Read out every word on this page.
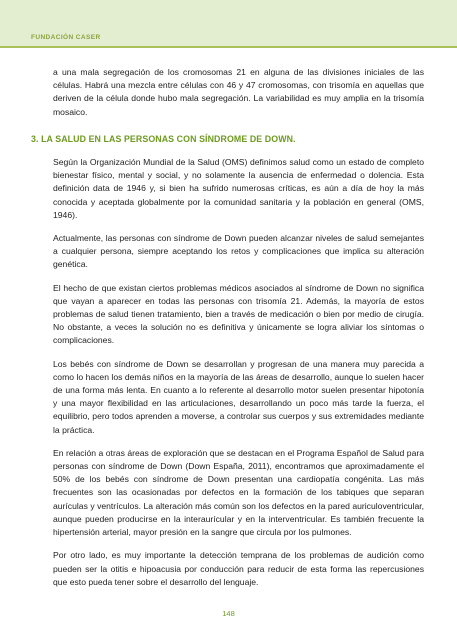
FUNDACIÓN CASER

a una mala segregación de los cromosomas 21 en alguna de las divisiones iniciales de las células. Habrá una mezcla entre células con 46 y 47 cromosomas, con trisomía en aquellas que deriven de la célula donde hubo mala segregación. La variabilidad es muy amplia en la trisomía mosaico.

3. LA SALUD EN LAS PERSONAS CON SÍNDROME DE DOWN.

Según la Organización Mundial de la Salud (OMS) definimos salud como un estado de completo bienestar físico, mental y social, y no solamente la ausencia de enfermedad o dolencia. Esta definición data de 1946 y, si bien ha sufrido numerosas críticas, es aún a día de hoy la más conocida y aceptada globalmente por la comunidad sanitaria y la población en general (OMS, 1946).

Actualmente, las personas con síndrome de Down pueden alcanzar niveles de salud semejantes a cualquier persona, siempre aceptando los retos y complicaciones que implica su alteración genética.

El hecho de que existan ciertos problemas médicos asociados al síndrome de Down no significa que vayan a aparecer en todas las personas con trisomía 21. Además, la mayoría de estos problemas de salud tienen tratamiento, bien a través de medicación o bien por medio de cirugía. No obstante, a veces la solución no es definitiva y únicamente se logra aliviar los síntomas o complicaciones.

Los bebés con síndrome de Down se desarrollan y progresan de una manera muy parecida a como lo hacen los demás niños en la mayoría de las áreas de desarrollo, aunque lo suelen hacer de una forma más lenta. En cuanto a lo referente al desarrollo motor suelen presentar hipotonía y una mayor flexibilidad en las articulaciones, desarrollando un poco más tarde la fuerza, el equilibrio, pero todos aprenden a moverse, a controlar sus cuerpos y sus extremidades mediante la práctica.

En relación a otras áreas de exploración que se destacan en el Programa Español de Salud para personas con síndrome de Down (Down España, 2011), encontramos que aproximadamente el 50% de los bebés con síndrome de Down presentan una cardiopatía congénita. Las más frecuentes son las ocasionadas por defectos en la formación de los tabiques que separan aurículas y ventrículos. La alteración más común son los defectos en la pared auriculoventricular, aunque pueden producirse en la interaurícular y en la interventricular. Es también frecuente la hipertensión arterial, mayor presión en la sangre que circula por los pulmones.

Por otro lado, es muy importante la detección temprana de los problemas de audición como pueden ser la otitis e hipoacusia por conducción para reducir de esta forma las repercusiones que esto pueda tener sobre el desarrollo del lenguaje.

148
